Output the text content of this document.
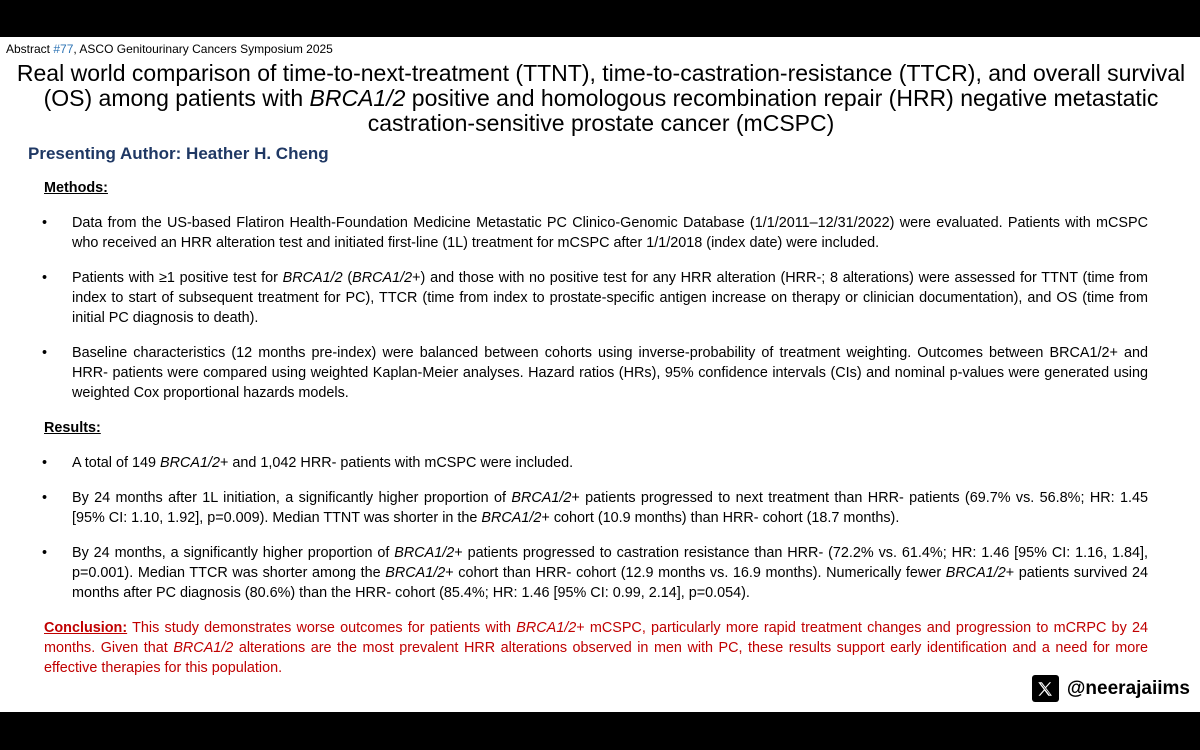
Abstract #77, ASCO Genitourinary Cancers Symposium 2025
Real world comparison of time-to-next-treatment (TTNT), time-to-castration-resistance (TTCR), and overall survival (OS) among patients with BRCA1/2 positive and homologous recombination repair (HRR) negative metastatic castration-sensitive prostate cancer (mCSPC)
Presenting Author: Heather H. Cheng
Methods:
• Data from the US-based Flatiron Health-Foundation Medicine Metastatic PC Clinico-Genomic Database (1/1/2011–12/31/2022) were evaluated. Patients with mCSPC who received an HRR alteration test and initiated first-line (1L) treatment for mCSPC after 1/1/2018 (index date) were included.
• Patients with ≥1 positive test for BRCA1/2 (BRCA1/2+) and those with no positive test for any HRR alteration (HRR-; 8 alterations) were assessed for TTNT (time from index to start of subsequent treatment for PC), TTCR (time from index to prostate-specific antigen increase on therapy or clinician documentation), and OS (time from initial PC diagnosis to death).
• Baseline characteristics (12 months pre-index) were balanced between cohorts using inverse-probability of treatment weighting. Outcomes between BRCA1/2+ and HRR- patients were compared using weighted Kaplan-Meier analyses. Hazard ratios (HRs), 95% confidence intervals (CIs) and nominal p-values were generated using weighted Cox proportional hazards models.
Results:
• A total of 149 BRCA1/2+ and 1,042 HRR- patients with mCSPC were included.
• By 24 months after 1L initiation, a significantly higher proportion of BRCA1/2+ patients progressed to next treatment than HRR- patients (69.7% vs. 56.8%; HR: 1.45 [95% CI: 1.10, 1.92], p=0.009). Median TTNT was shorter in the BRCA1/2+ cohort (10.9 months) than HRR- cohort (18.7 months).
• By 24 months, a significantly higher proportion of BRCA1/2+ patients progressed to castration resistance than HRR- (72.2% vs. 61.4%; HR: 1.46 [95% CI: 1.16, 1.84], p=0.001). Median TTCR was shorter among the BRCA1/2+ cohort than HRR- cohort (12.9 months vs. 16.9 months). Numerically fewer BRCA1/2+ patients survived 24 months after PC diagnosis (80.6%) than the HRR- cohort (85.4%; HR: 1.46 [95% CI: 0.99, 2.14], p=0.054).
Conclusion: This study demonstrates worse outcomes for patients with BRCA1/2+ mCSPC, particularly more rapid treatment changes and progression to mCRPC by 24 months. Given that BRCA1/2 alterations are the most prevalent HRR alterations observed in men with PC, these results support early identification and a need for more effective therapies for this population.
@neerajaiims
